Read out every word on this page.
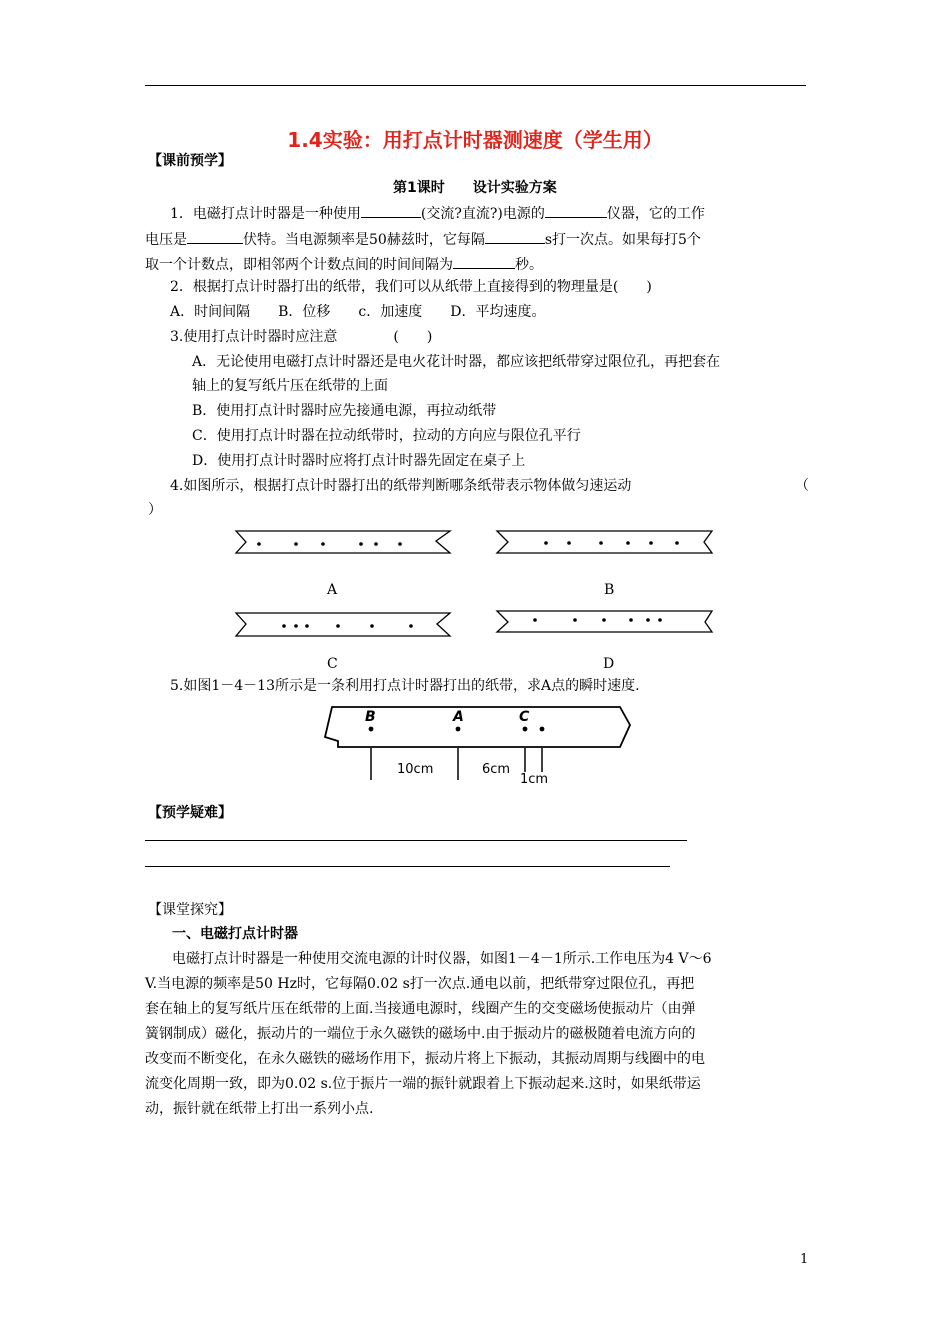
1.4实验：用打点计时器测速度（学生用）
【课前预学】
第1课时 设计实验方案
1．电磁打点计时器是一种使用	(交流?直流?)电源的	仪器，它的工作
电压是	伏特。当电源频率是50赫兹时，它每隔	s打一次点。如果每打5个
取一个计数点，即相邻两个计数点间的时间间隔为	秒。
2．根据打点计时器打出的纸带，我们可以从纸带上直接得到的物理量是(　　)
A．时间间隔　　B．位移　　c．加速度　　D．平均速度。
3.使用打点计时器时应注意　　　　(　　)
A．无论使用电磁打点计时器还是电火花计时器，都应该把纸带穿过限位孔，再把套在
轴上的复写纸片压在纸带的上面
B．使用打点计时器时应先接通电源，再拉动纸带
C．使用打点计时器在拉动纸带时，拉动的方向应与限位孔平行
D．使用打点计时器时应将打点计时器先固定在桌子上
4.如图所示，根据打点计时器打出的纸带判断哪条纸带表示物体做匀速运动	（
）
A	B
C	D
5.如图1－4－13所示是一条利用打点计时器打出的纸带，求A点的瞬时速度.
B	A	C
10cm	6cm
1cm
【预学疑难】
【课堂探究】
一、电磁打点计时器
电磁打点计时器是一种使用交流电源的计时仪器，如图1－4－1所示.工作电压为4 V～6
V.当电源的频率是50 Hz时，它每隔0.02 s打一次点.通电以前，把纸带穿过限位孔，再把
套在轴上的复写纸片压在纸带的上面.当接通电源时，线圈产生的交变磁场使振动片（由弹
簧钢制成）磁化，振动片的一端位于永久磁铁的磁场中.由于振动片的磁极随着电流方向的
改变而不断变化，在永久磁铁的磁场作用下，振动片将上下振动，其振动周期与线圈中的电
流变化周期一致，即为0.02 s.位于振片一端的振针就跟着上下振动起来.这时，如果纸带运
动，振针就在纸带上打出一系列小点.
1
